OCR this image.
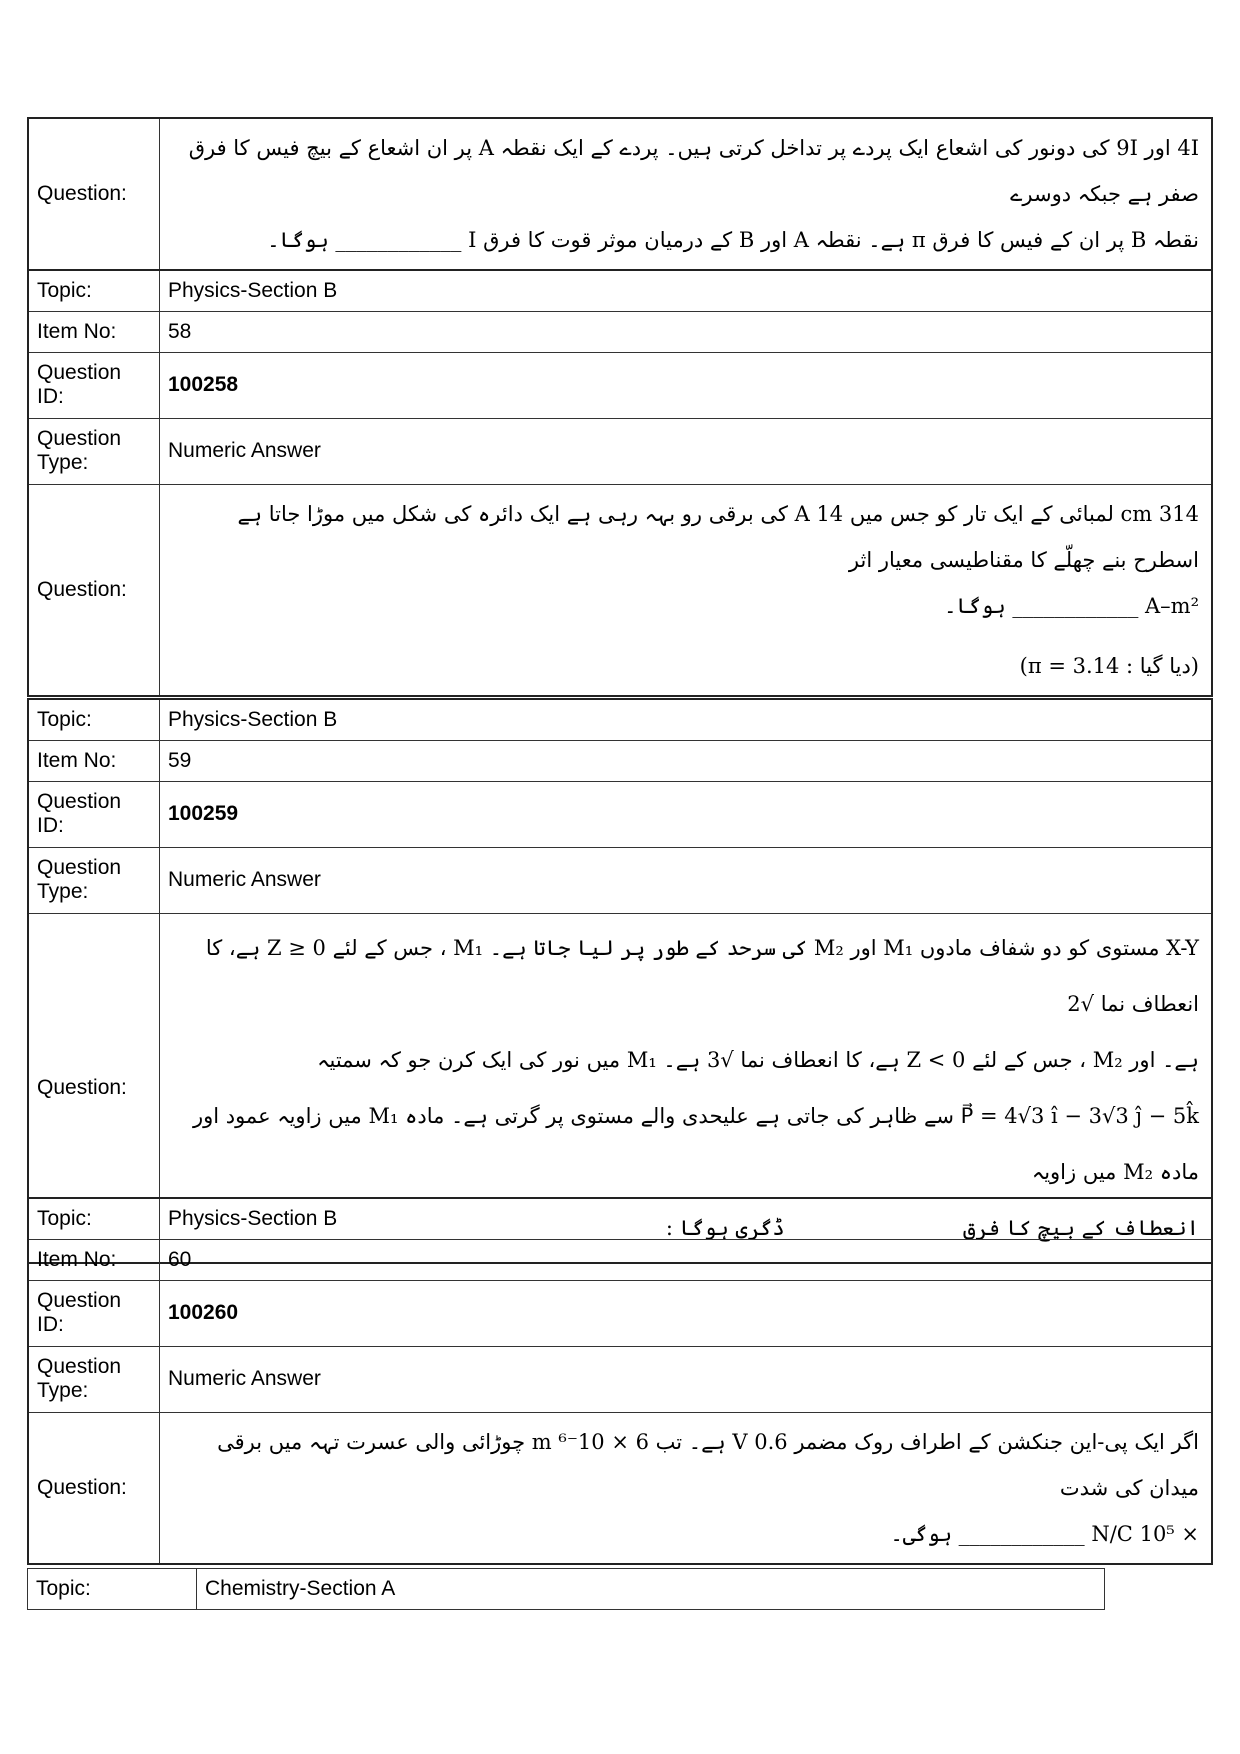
Question:	

4I اور 9I کی دونور کی اشعاع ایک پردے پر تداخل کرتی ہیں۔ پردے کے ایک نقطہ A پر ان اشعاع کے بیچ فیس کا فرق صفر ہے جبکہ دوسرے

نقطہ B پر ان کے فیس کا فرق π ہے۔ نقطہ A اور B کے درمیان موثر قوت کا فرق I ____________ ہوگا۔

Topic:	Physics-Section B
Item No:	58
Question ID:	100258
Question Type:	Numeric Answer
Question:	314 cm لمبائی کے ایک تار کو جس میں 14 A کی برقی رو بہہ رہی ہے ایک دائرہ کی شکل میں موڑا جاتا ہے اسطرح بنے چھلّے کا مقناطیسی معیار اثر

A–m² ____________ ہوگا۔

(دیا گیا : π = 3.14)

Topic:	Physics-Section B
Item No:	59
Question ID:	100259
Question Type:	Numeric Answer
Question:	X-Y مستوی کو دو شفاف مادوں M₁ اور M₂ کی سرحد کے طور پر لیا جاتا ہے۔ M₁ ، جس کے لئے Z ≥ 0 ہے، کا انعطاف نما √2

ہے۔ اور M₂ ، جس کے لئے Z < 0 ہے، کا انعطاف نما √3 ہے۔ M₁ میں نور کی ایک کرن جو کہ سمتیہ

P⃗ = 4√3 î − 3√3 ĵ − 5k̂ سے ظاہر کی جاتی ہے علیحدی والے مستوی پر گرتی ہے۔ مادہ M₁ میں زاویہ عمود اور مادہ M₂ میں زاویہ

انعطاف کے بیچ کا فرق _ _ _ _ _ _ _ _ _ _ ڈگری ہوگا :

Topic:	Physics-Section B
Item No:	60
Question ID:	100260
Question Type:	Numeric Answer
Question:	اگر ایک پی-این جنکشن کے اطراف روک مضمر 0.6 V ہے۔ تب 6 × 10⁻⁶ m چوڑائی والی عسرت تہہ میں برقی میدان کی شدت

× 10⁵ N/C ____________ ہوگی۔

Topic:	Chemistry-Section A
